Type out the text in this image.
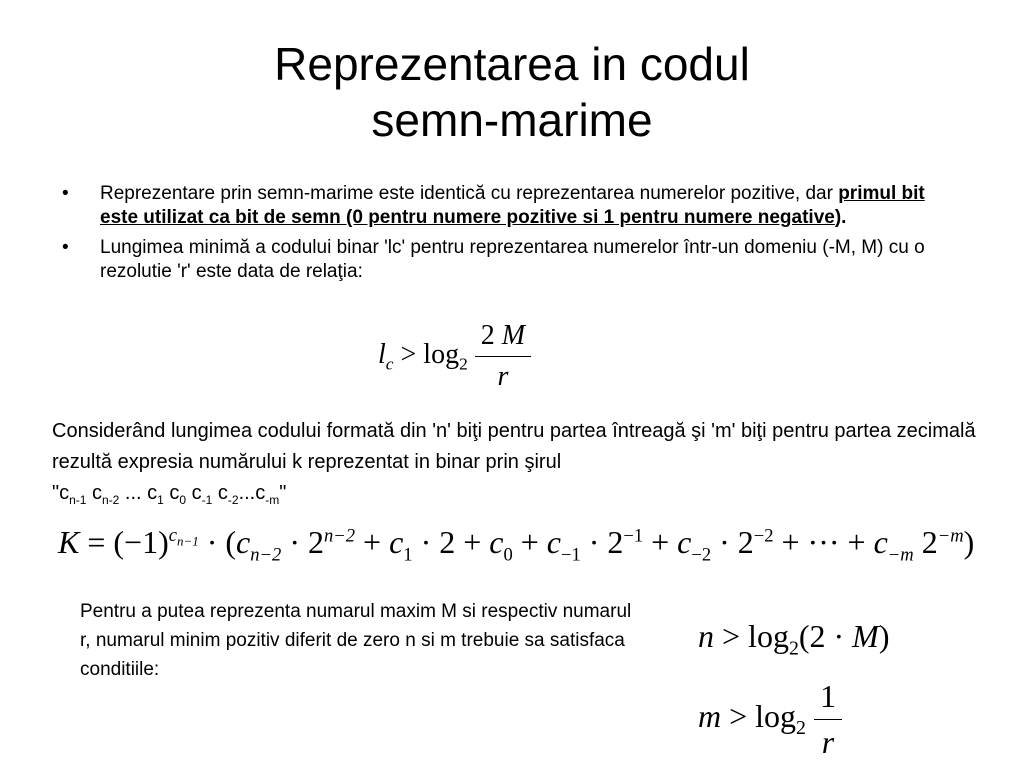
Reprezentarea in codul
semn-marime
• Reprezentare prin semn-marime este identică cu reprezentarea numerelor pozitive, dar primul bit este utilizat ca bit de semn (0 pentru numere pozitive si 1 pentru numere negative).
• Lungimea minimă a codului binar 'lc' pentru reprezentarea numerelor într-un domeniu (-M, M) cu o rezolutie 'r' este data de relaţia:
$l_c > \log_2 \frac{2 M}{r}$
Considerând lungimea codului formată din 'n' biţi pentru partea întreagă şi 'm' biţi pentru partea zecimală rezultă expresia numărului k reprezentat in binar prin şirul
"$c_{n-1}$ $c_{n-2}$ ... $c_1$ $c_0$ $c_{-1}$ $c_{-2}...c_{-m}$"
$K = (-1)^{c_{n-1}} \cdot (c_{n-2} \cdot 2^{n-2} + c_1 \cdot 2 + c_0 + c_{-1} \cdot 2^{-1} + c_{-2} \cdot 2^{-2}$ + ··· + $c_{-m}$ $2^{-m}$)
Pentru a putea reprezenta numarul maxim M si respectiv numarul r, numarul minim pozitiv diferit de zero n si m trebuie sa satisfaca conditiile:
$n > \log_2(2 \cdot M)$
$m > \log_2 \frac{1}{r}$
